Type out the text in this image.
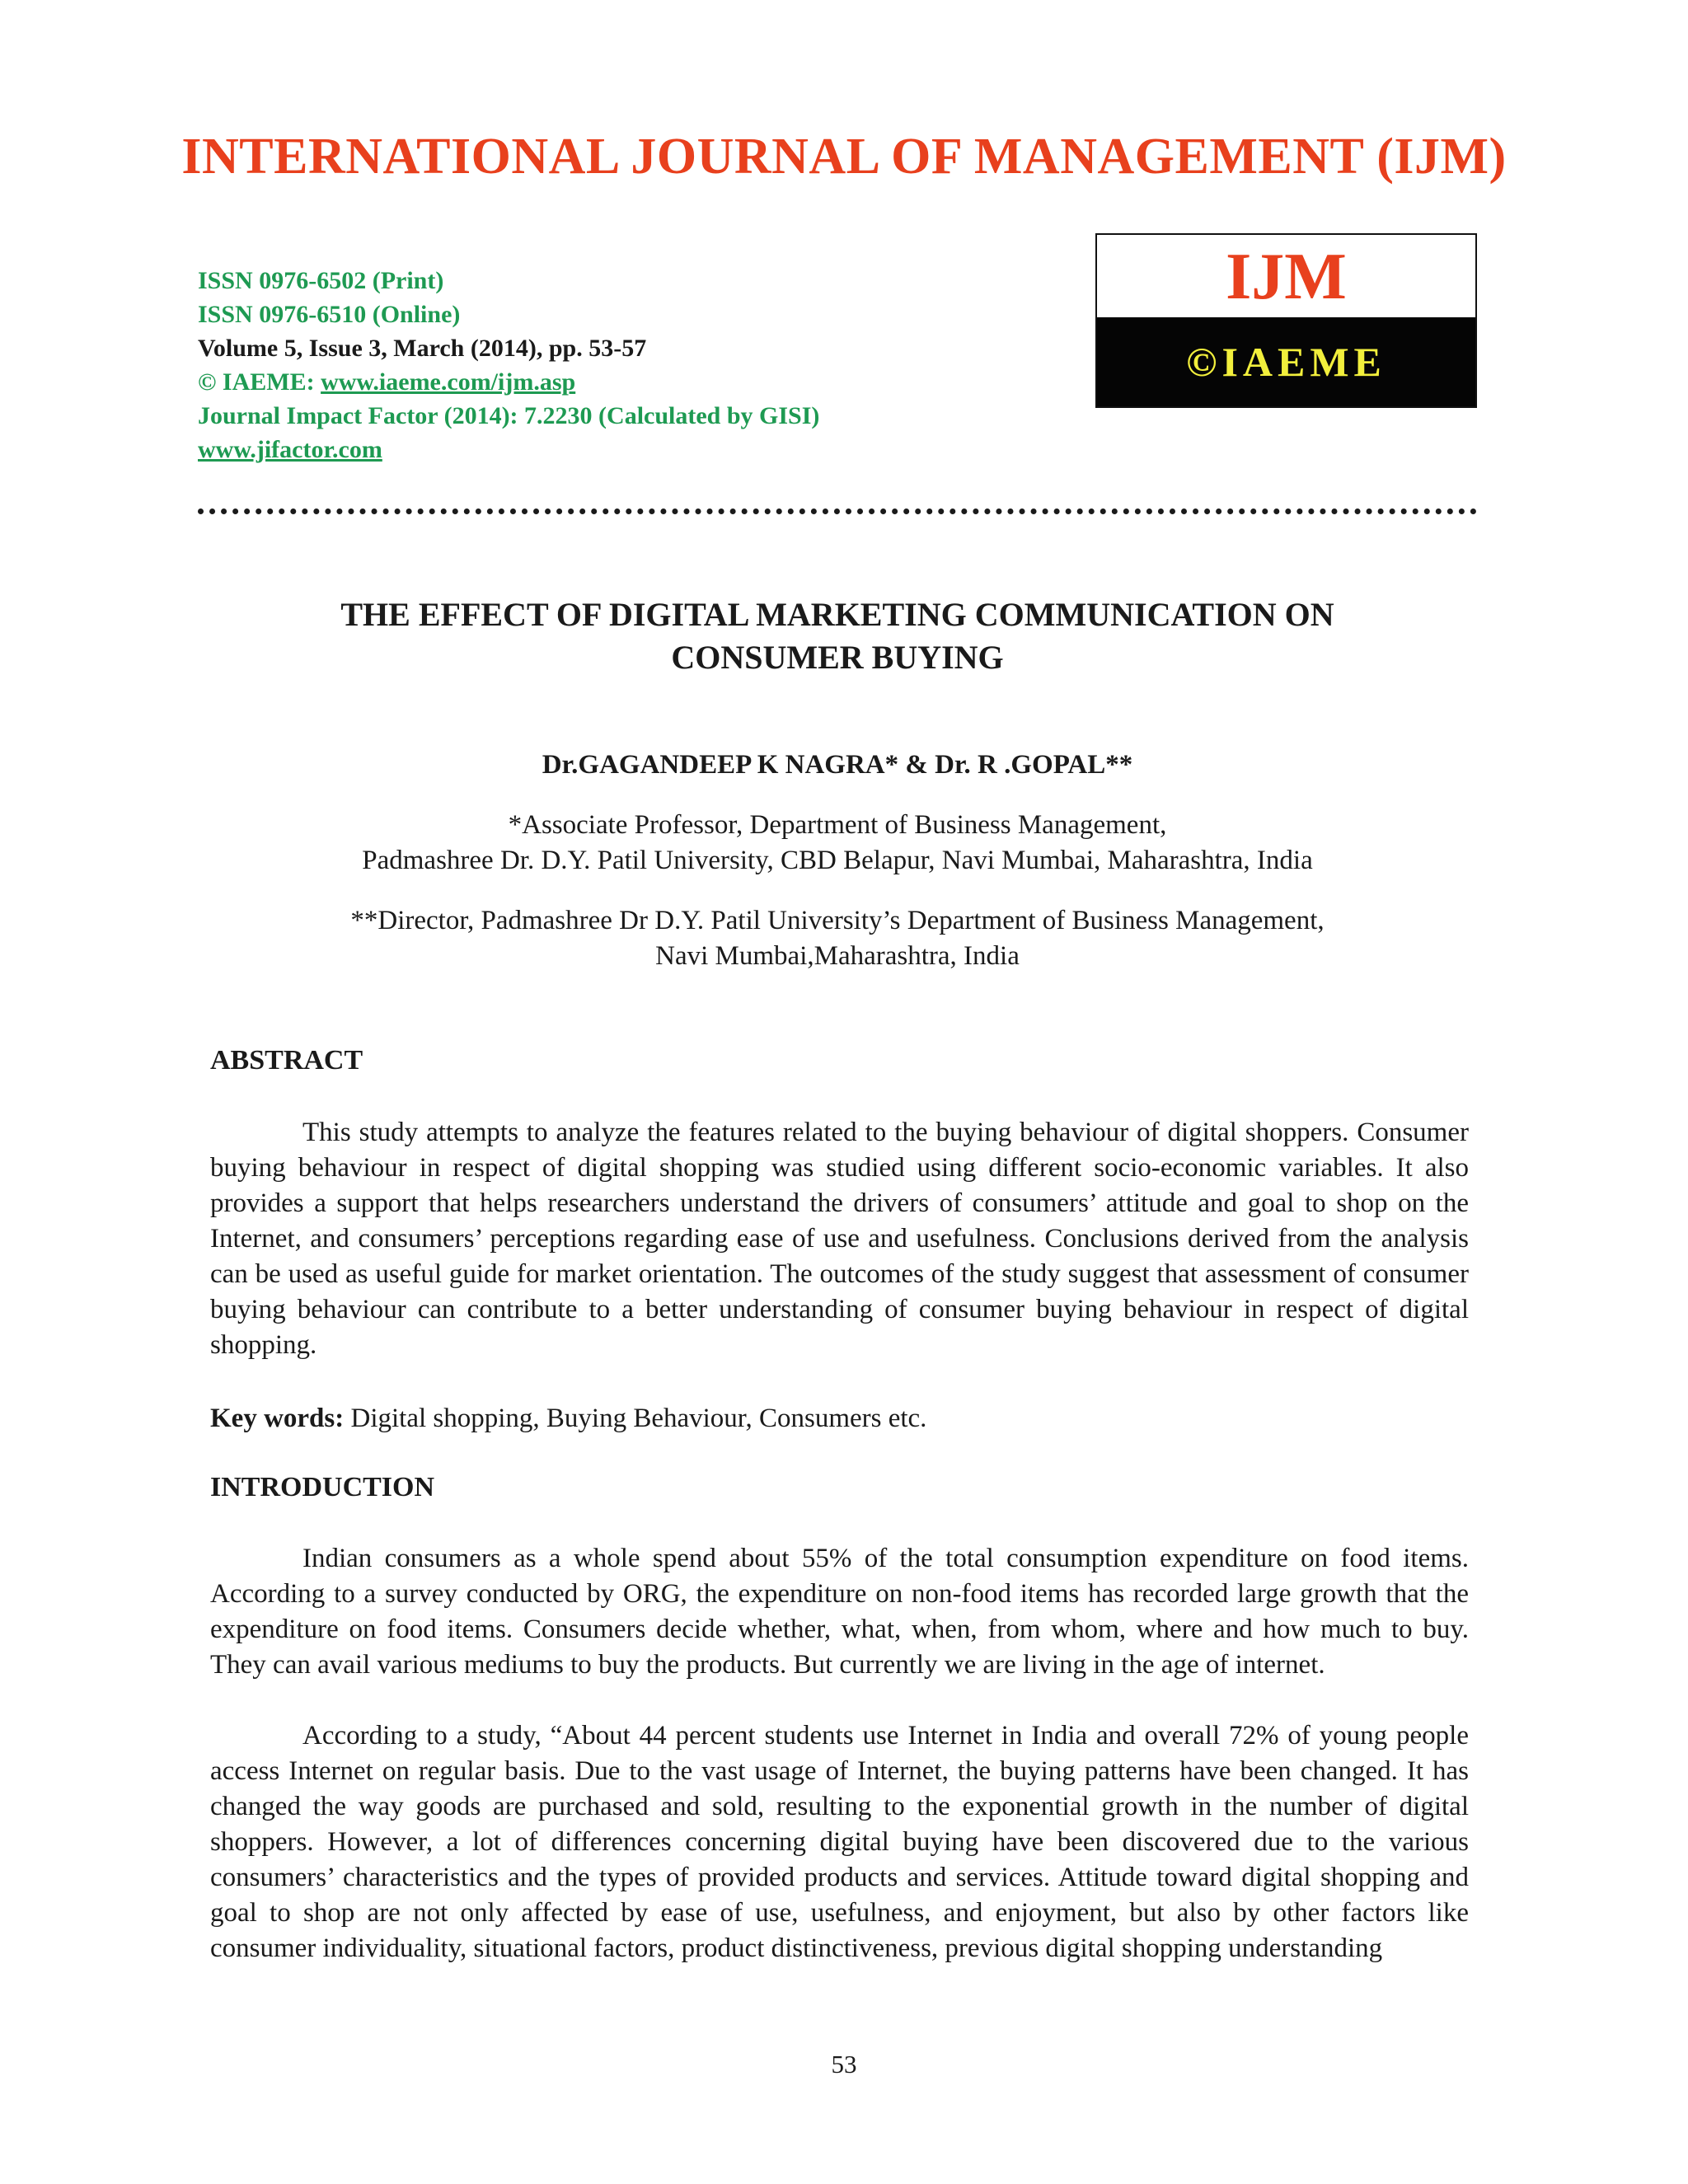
INTERNATIONAL JOURNAL OF MANAGEMENT (IJM)
ISSN 0976-6502 (Print)
ISSN 0976-6510 (Online)
Volume 5, Issue 3, March (2014), pp. 53-57
© IAEME: www.iaeme.com/ijm.asp
Journal Impact Factor (2014): 7.2230 (Calculated by GISI)
www.jifactor.com
IJM
©IAEME
THE EFFECT OF DIGITAL MARKETING COMMUNICATION ON
CONSUMER BUYING
Dr.GAGANDEEP K NAGRA* & Dr. R .GOPAL**
*Associate Professor, Department of Business Management,
Padmashree Dr. D.Y. Patil University, CBD Belapur, Navi Mumbai, Maharashtra, India
**Director, Padmashree Dr D.Y. Patil University’s Department of Business Management,
Navi Mumbai,Maharashtra, India
ABSTRACT

This study attempts to analyze the features related to the buying behaviour of digital shoppers. Consumer buying behaviour in respect of digital shopping was studied using different socio-economic variables. It also provides a support that helps researchers understand the drivers of consumers’ attitude and goal to shop on the Internet, and consumers’ perceptions regarding ease of use and usefulness. Conclusions derived from the analysis can be used as useful guide for market orientation. The outcomes of the study suggest that assessment of consumer buying behaviour can contribute to a better understanding of consumer buying behaviour in respect of digital shopping.

Key words: Digital shopping, Buying Behaviour, Consumers etc.

INTRODUCTION

Indian consumers as a whole spend about 55% of the total consumption expenditure on food items. According to a survey conducted by ORG, the expenditure on non-food items has recorded large growth that the expenditure on food items. Consumers decide whether, what, when, from whom, where and how much to buy. They can avail various mediums to buy the products. But currently we are living in the age of internet.

According to a study, “About 44 percent students use Internet in India and overall 72% of young people access Internet on regular basis. Due to the vast usage of Internet, the buying patterns have been changed. It has changed the way goods are purchased and sold, resulting to the exponential growth in the number of digital shoppers. However, a lot of differences concerning digital buying have been discovered due to the various consumers’ characteristics and the types of provided products and services. Attitude toward digital shopping and goal to shop are not only affected by ease of use, usefulness, and enjoyment, but also by other factors like consumer individuality, situational factors, product distinctiveness, previous digital shopping understanding

53
